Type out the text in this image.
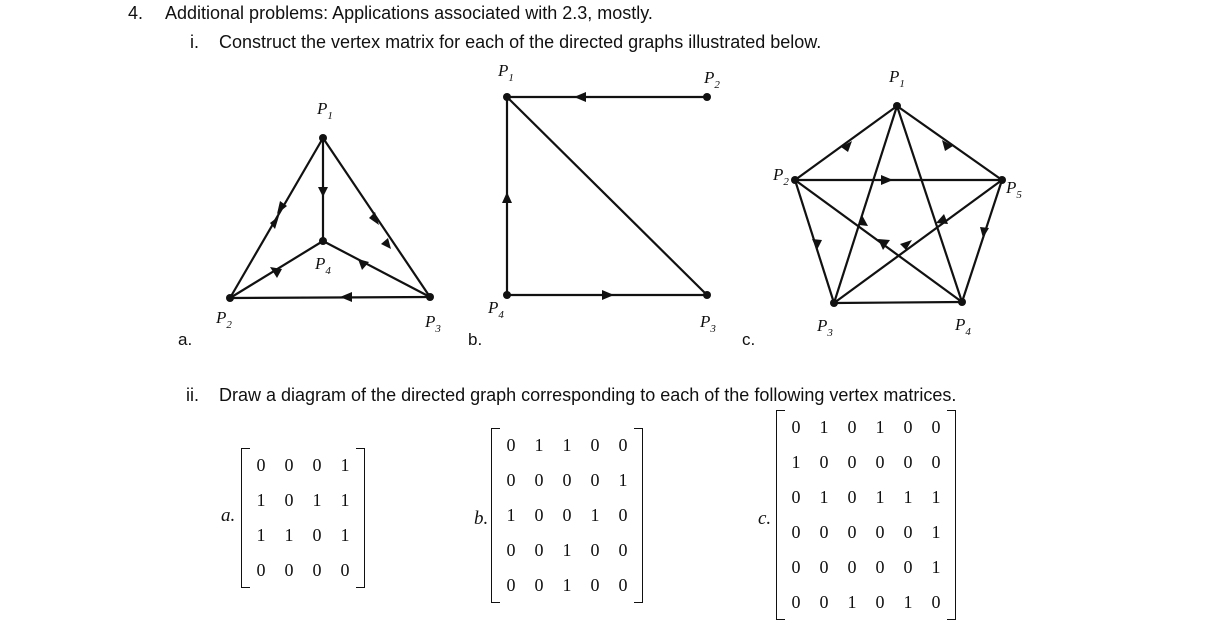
4. Additional problems: Applications associated with 2.3, mostly.
i. Construct the vertex matrix for each of the directed graphs illustrated below.
a.	b.	c.
$P_1$
$P_2$	$P_3$
$P_4$
$P_1$	$P_2$
$P_3$
$P_4$
$P_1$
$P_2$
$P_3$	$P_4$
$P_5$
ii. Draw a diagram of the directed graph corresponding to each of the following vertex matrices.
a.
0	0	0	1
1	0	1	1
1	1	0	1
0	0	0	0
b.
0	1	1	0	0
0	0	0	0	1
1	0	0	1	0
0	0	1	0	0
0	0	1	0	0
c.
0	1	0	1	0	0
1	0	0	0	0	0
0	1	0	1	1	1
0	0	0	0	0	1
0	0	0	0	0	1
0	0	1	0	1	0
